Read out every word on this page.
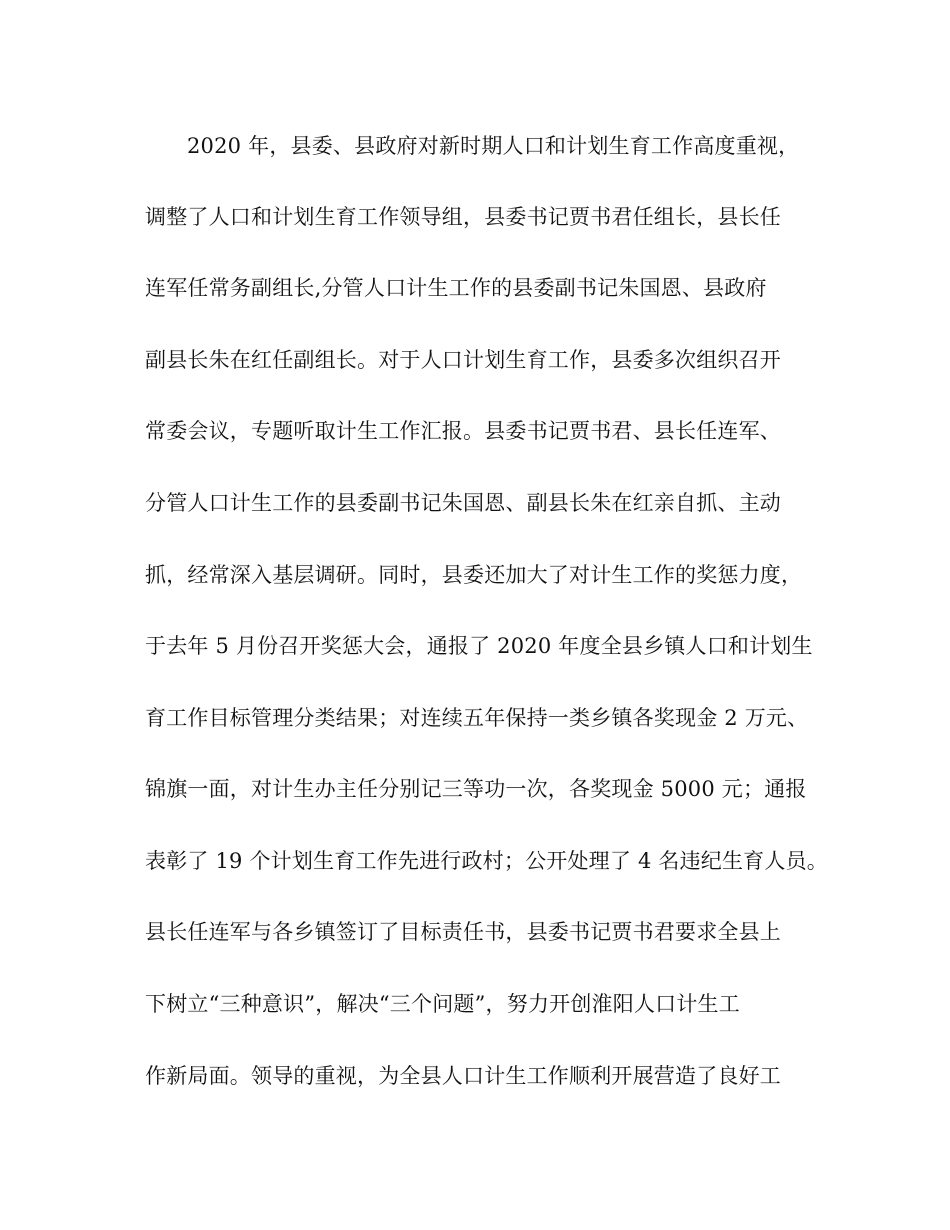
2020 年，县委、县政府对新时期人口和计划生育工作高度重视，
调整了人口和计划生育工作领导组，县委书记贾书君任组长，县长任
连军任常务副组长,分管人口计生工作的县委副书记朱国恩、县政府
副县长朱在红任副组长。对于人口计划生育工作，县委多次组织召开
常委会议，专题听取计生工作汇报。县委书记贾书君、县长任连军、
分管人口计生工作的县委副书记朱国恩、副县长朱在红亲自抓、主动
抓，经常深入基层调研。同时，县委还加大了对计生工作的奖惩力度，
于去年 5 月份召开奖惩大会，通报了 2020 年度全县乡镇人口和计划生
育工作目标管理分类结果；对连续五年保持一类乡镇各奖现金 2 万元、
锦旗一面，对计生办主任分别记三等功一次，各奖现金 5000 元；通报
表彰了 19 个计划生育工作先进行政村；公开处理了 4 名违纪生育人员。
县长任连军与各乡镇签订了目标责任书，县委书记贾书君要求全县上
下树立“三种意识”，解决“三个问题”，努力开创淮阳人口计生工
作新局面。领导的重视，为全县人口计生工作顺利开展营造了良好工
